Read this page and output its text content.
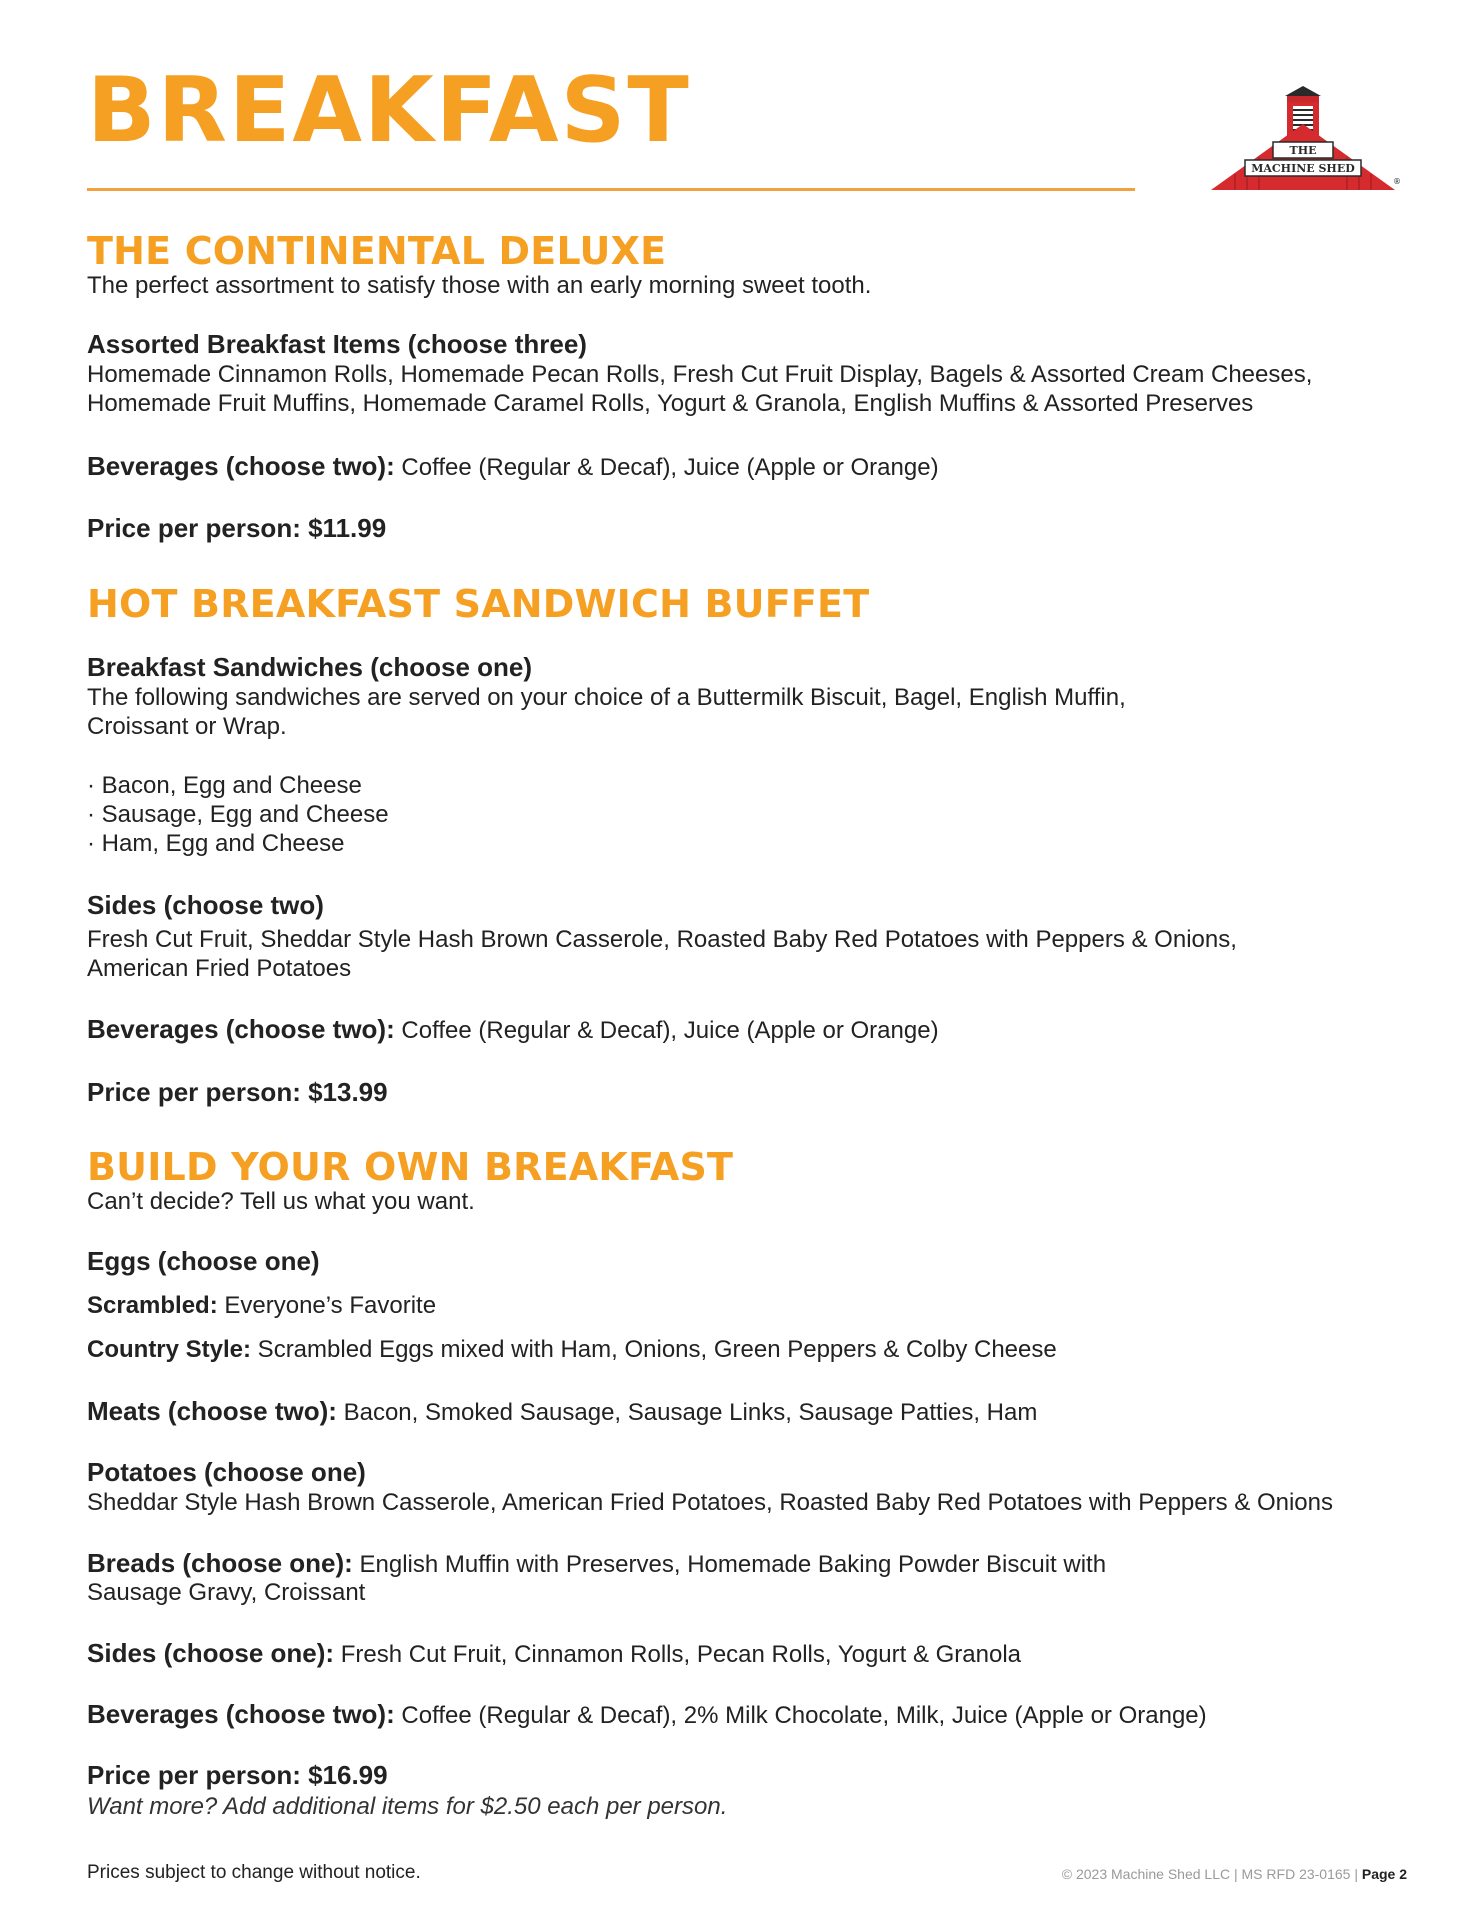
BREAKFAST	THE
MACHINE SHED
®
THE CONTINENTAL DELUXE
The perfect assortment to satisfy those with an early morning sweet tooth.
Assorted Breakfast Items (choose three)
Homemade Cinnamon Rolls, Homemade Pecan Rolls, Fresh Cut Fruit Display, Bagels & Assorted Cream Cheeses,
Homemade Fruit Muffins, Homemade Caramel Rolls, Yogurt & Granola, English Muffins & Assorted Preserves
Beverages (choose two): Coffee (Regular & Decaf), Juice (Apple or Orange)
Price per person: $11.99
HOT BREAKFAST SANDWICH BUFFET
Breakfast Sandwiches (choose one)
The following sandwiches are served on your choice of a Buttermilk Biscuit, Bagel, English Muffin,
Croissant or Wrap.
· Bacon, Egg and Cheese
· Sausage, Egg and Cheese
· Ham, Egg and Cheese
Sides (choose two)
Fresh Cut Fruit, Sheddar Style Hash Brown Casserole, Roasted Baby Red Potatoes with Peppers & Onions,
American Fried Potatoes
Beverages (choose two): Coffee (Regular & Decaf), Juice (Apple or Orange)
Price per person: $13.99
BUILD YOUR OWN BREAKFAST
Can’t decide? Tell us what you want.
Eggs (choose one)
Scrambled: Everyone’s Favorite
Country Style: Scrambled Eggs mixed with Ham, Onions, Green Peppers & Colby Cheese
Meats (choose two): Bacon, Smoked Sausage, Sausage Links, Sausage Patties, Ham
Potatoes (choose one)
Sheddar Style Hash Brown Casserole, American Fried Potatoes, Roasted Baby Red Potatoes with Peppers & Onions
Breads (choose one): English Muffin with Preserves, Homemade Baking Powder Biscuit with
Sausage Gravy, Croissant
Sides (choose one): Fresh Cut Fruit, Cinnamon Rolls, Pecan Rolls, Yogurt & Granola
Beverages (choose two): Coffee (Regular & Decaf), 2% Milk Chocolate, Milk, Juice (Apple or Orange)
Price per person: $16.99
Want more? Add additional items for $2.50 each per person.
Prices subject to change without notice.	© 2023 Machine Shed LLC | MS RFD 23-0165 | Page 2
